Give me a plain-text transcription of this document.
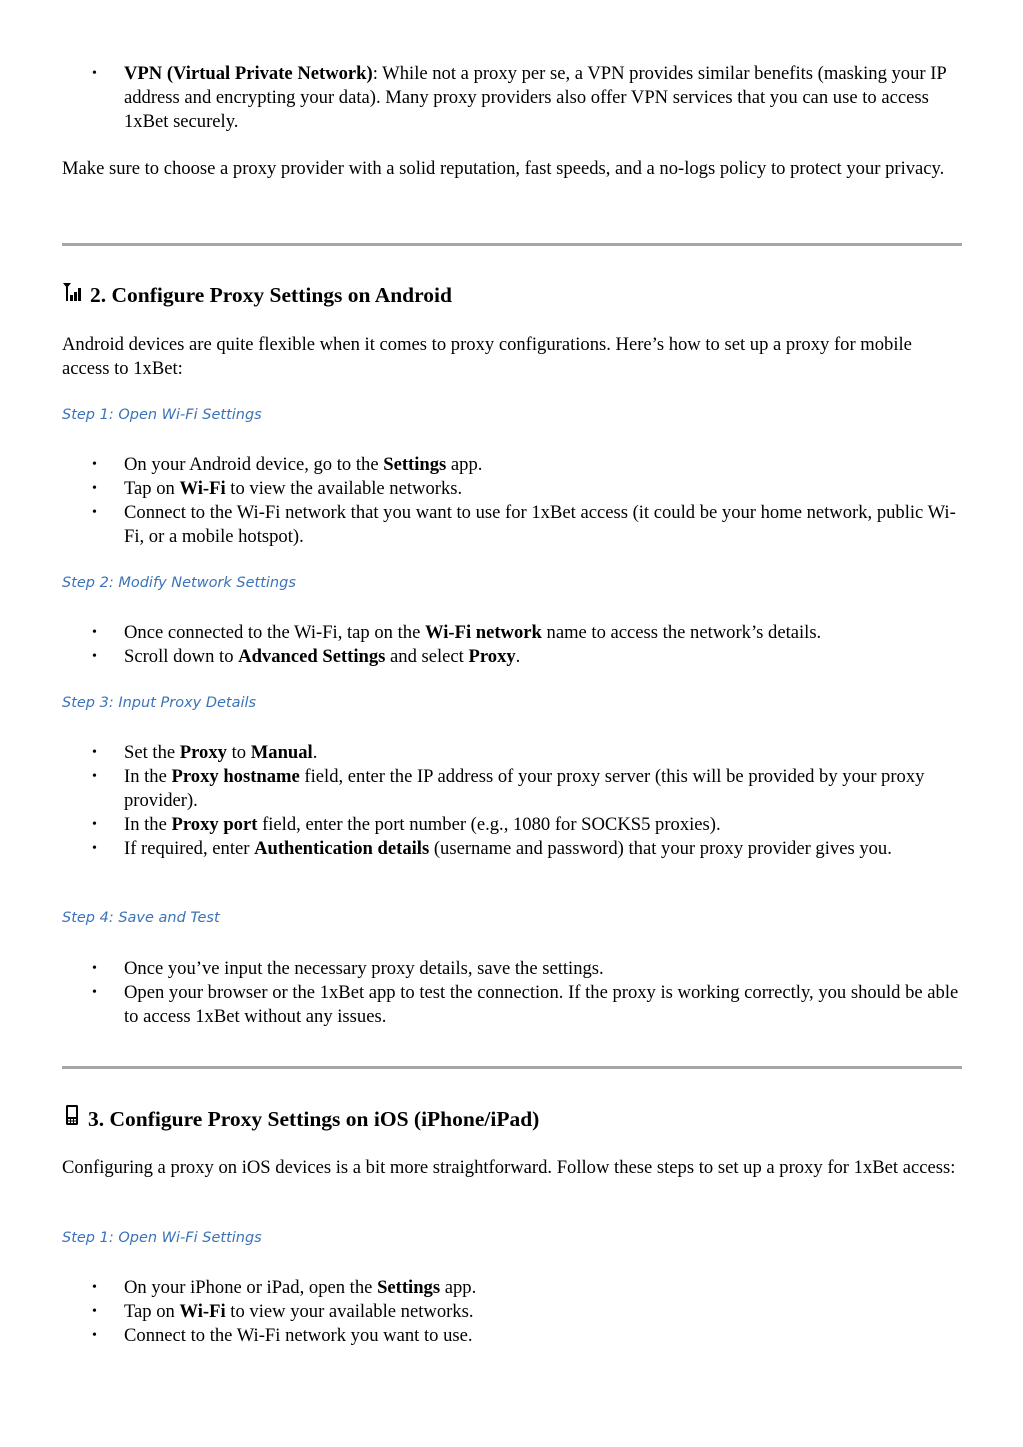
• VPN (Virtual Private Network): While not a proxy per se, a VPN provides similar benefits (masking your IP address and encrypting your data). Many proxy providers also offer VPN services that you can use to access 1xBet securely.

Make sure to choose a proxy provider with a solid reputation, fast speeds, and a no-logs policy to protect your privacy.

2. Configure Proxy Settings on Android

Android devices are quite flexible when it comes to proxy configurations. Here’s how to set up a proxy for mobile access to 1xBet:

Step 1: Open Wi-Fi Settings

• On your Android device, go to the Settings app.
• Tap on Wi-Fi to view the available networks.
• Connect to the Wi-Fi network that you want to use for 1xBet access (it could be your home network, public Wi-Fi, or a mobile hotspot).

Step 2: Modify Network Settings

• Once connected to the Wi-Fi, tap on the Wi-Fi network name to access the network’s details.
• Scroll down to Advanced Settings and select Proxy.

Step 3: Input Proxy Details

• Set the Proxy to Manual.
• In the Proxy hostname field, enter the IP address of your proxy server (this will be provided by your proxy provider).
• In the Proxy port field, enter the port number (e.g., 1080 for SOCKS5 proxies).
• If required, enter Authentication details (username and password) that your proxy provider gives you.

Step 4: Save and Test

• Once you’ve input the necessary proxy details, save the settings.
• Open your browser or the 1xBet app to test the connection. If the proxy is working correctly, you should be able to access 1xBet without any issues.
3. Configure Proxy Settings on iOS (iPhone/iPad)

Configuring a proxy on iOS devices is a bit more straightforward. Follow these steps to set up a proxy for 1xBet access:

Step 1: Open Wi-Fi Settings

• On your iPhone or iPad, open the Settings app.
• Tap on Wi-Fi to view your available networks.
• Connect to the Wi-Fi network you want to use.
